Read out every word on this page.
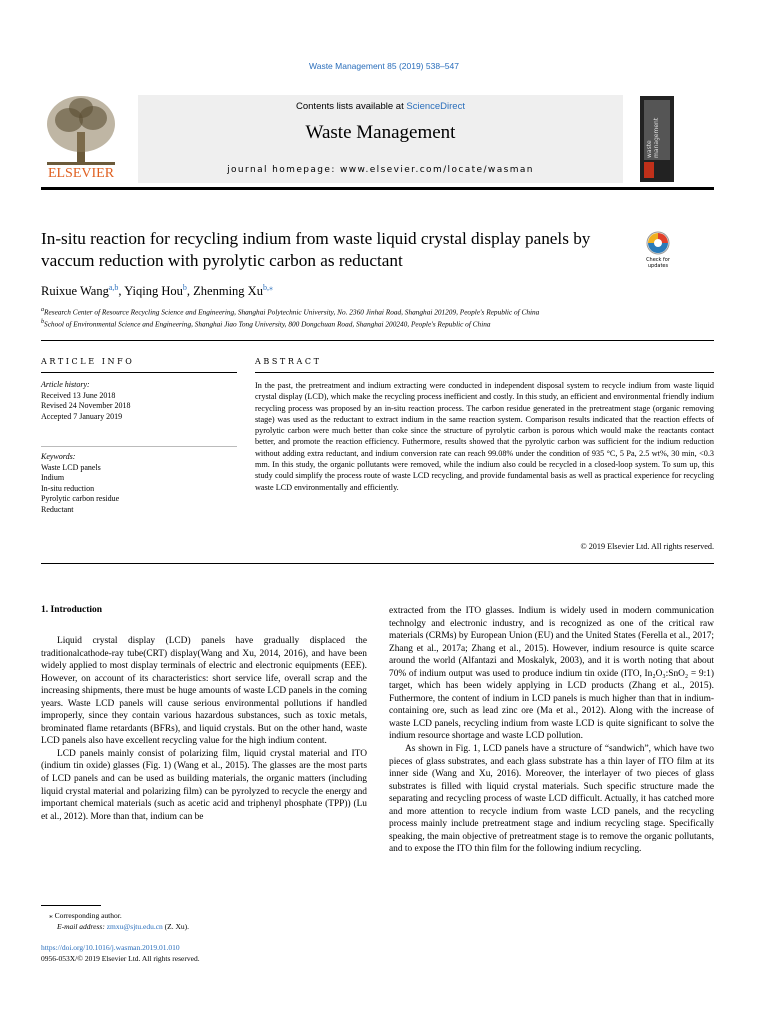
Waste Management 85 (2019) 538–547
ELSEVIER
Contents lists available at ScienceDirect
Waste Management
journal homepage: www.elsevier.com/locate/wasman
waste management
In-situ reaction for recycling indium from waste liquid crystal display panels by vaccum reduction with pyrolytic carbon as reductant	Check for updates
Ruixue Wang$^{a,b}$, Yiqing Hou$^b$, Zhenming $Xu^{b,⁎}$
$^a$Research Center of Resource Recycling Science and Engineering, Shanghai Polytechnic University, No. 2360 Jinhai Road, Shanghai 201209, People's Republic of China
$^b$School of Environmental Science and Engineering, Shanghai Jiao Tong University, 800 Dongchuan Road, Shanghai 200240, People's Republic of China
ARTICLE INFO
Article history:
Received 13 June 2018
Revised 24 November 2018
Accepted 7 January 2019
Keywords:
Waste LCD panels
Indium
In-situ reduction
Pyrolytic carbon residue
Reductant
ABSTRACT
In the past, the pretreatment and indium extracting were conducted in independent disposal system to recycle indium from waste liquid crystal display (LCD), which make the recycling process inefficient and costly. In this study, an efficient and environmental friendly indium recycling process was proposed by an in-situ reaction process. The carbon residue generated in the pretreatment stage (organic removing stage) was used as the reductant to extract indium in the same reaction system. Comparison results indicated that the reaction effects of pyrolytic carbon were much better than coke since the structure of pyrolytic carbon is porous which would make the reactants contact better, and promote the reaction efficiency. Futhermore, results showed that the pyrolytic carbon was sufficient for the indium reduction without adding extra reductant, and indium conversion rate can reach 99.08% under the condition of 935 °C, 5 Pa, 2.5 wt%, 30 min, <0.3 mm. In this study, the organic pollutants were removed, while the indium also could be recycled in a closed-loop system. To sum up, this study could simplify the process route of waste LCD recycling, and provide fundamental basis as well as practical experience for recycling waste LCD environmentally and efficiently.
© 2019 Elsevier Ltd. All rights reserved.
1. Introduction

Liquid crystal display (LCD) panels have gradually displaced the traditionalcathode-ray tube(CRT) display(Wang and Xu, 2014, 2016), and have been widely applied to most display terminals of electric and electronic equipments (EEE). However, on account of its characteristics: short service life, overall scrap and the increasing shipments, there must be huge amounts of waste LCD panels in the coming years. Waste LCD panels will cause serious environmental pollutions if handled improperly, since they contain various hazardous substances, such as toxic metals, brominated flame retardants (BFRs), and liquid crystals. But on the other hand, waste LCD panels also have excellent recycling value for the high indium content.

LCD panels mainly consist of polarizing film, liquid crystal material and ITO (indium tin oxide) glasses (Fig. 1) (Wang et al., 2015). The glasses are the most parts of LCD panels and can be used as building materials, the organic matters (including liquid crystal material and polarizing film) can be pyrolyzed to recycle the energy and important chemical materials (such as acetic acid and triphenyl phosphate (TPP)) (Lu et al., 2012). More than that, indium can be

extracted from the ITO glasses. Indium is widely used in modern communication technolgy and electronic industry, and is recognized as one of the critical raw materials (CRMs) by European Union (EU) and the United States (Ferella et al., 2017; Zhang et al., 2017a; Zhang et al., 2015). However, indium resource is quite scarce around the world (Alfantazi and Moskalyk, 2003), and it is worth noting that about 70% of indium output was used to produce indium tin oxide (ITO, In₂O₃:SnO₂ = 9:1) target, which has been widely applying in LCD products (Zhang et al., 2015). Futhermore, the content of indium in LCD panels is much higher than that in indium-containing ore, such as lead zinc ore (Ma et al., 2012). Along with the increase of waste LCD panels, recycling indium from waste LCD is quite significant to solve the indium resource shortage and waste LCD pollution.

As shown in Fig. 1, LCD panels have a structure of “sandwich”, which have two pieces of glass substrates, and each glass substrate has a thin layer of ITO film at its inner side (Wang and Xu, 2016). Moreover, the interlayer of two pieces of glass substrates is filled with liquid crystal materials. Such specific structure made the separating and recycling process of waste LCD difficult. Actually, it has catched more and more attention to recycle indium from waste LCD panels, and the recycling process mainly include pretreatment stage and indium recycling stage. Specifically speaking, the main objective of pretreatment stage is to remove the organic pollutants, and to expose the ITO thin film for the following indium recycling.

⁎ Corresponding author.
E-mail address: zmxu@sjtu.edu.cn (Z. Xu).
https://doi.org/10.1016/j.wasman.2019.01.010
0956-053X/© 2019 Elsevier Ltd. All rights reserved.
